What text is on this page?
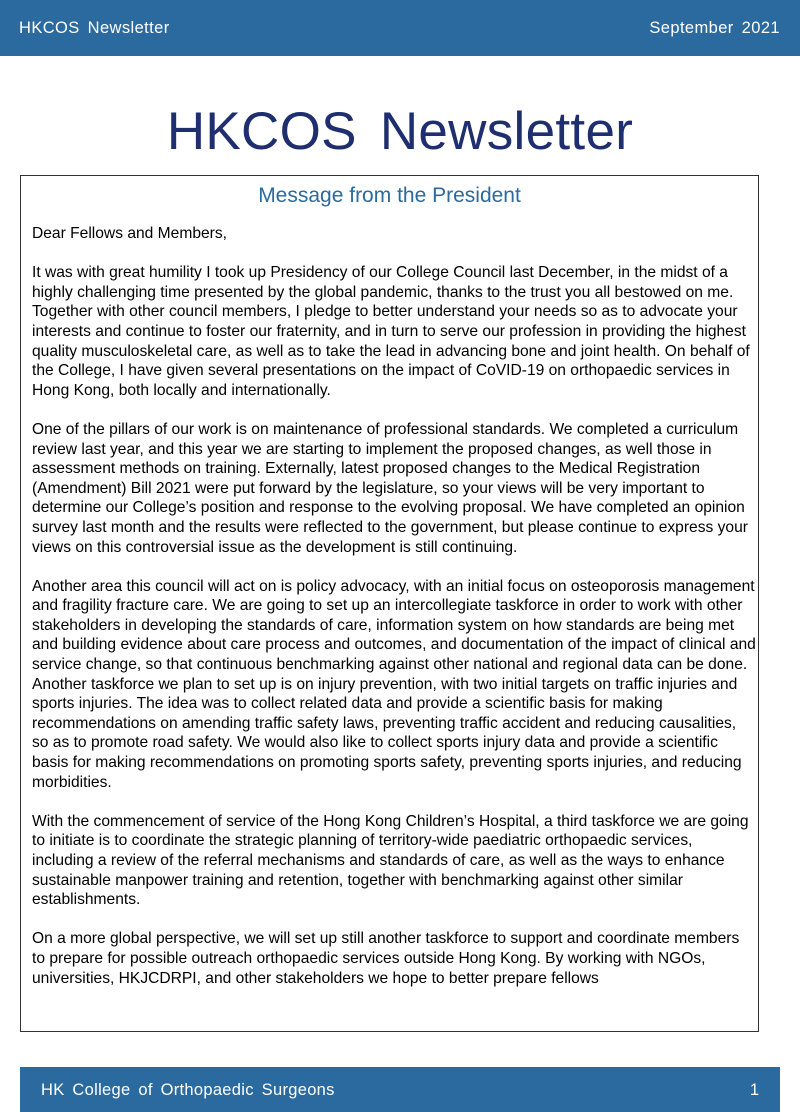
HKCOS Newsletter	September 2021
HKCOS Newsletter
Message from the President

Dear Fellows and Members,

It was with great humility I took up Presidency of our College Council last December, in the midst of a highly challenging time presented by the global pandemic, thanks to the trust you all bestowed on me. Together with other council members, I pledge to better understand your needs so as to advocate your interests and continue to foster our fraternity, and in turn to serve our profession in providing the highest quality musculoskeletal care, as well as to take the lead in advancing bone and joint health. On behalf of the College, I have given several presentations on the impact of CoVID-19 on orthopaedic services in Hong Kong, both locally and internationally.

One of the pillars of our work is on maintenance of professional standards. We completed a curriculum review last year, and this year we are starting to implement the proposed changes, as well those in assessment methods on training. Externally, latest proposed changes to the Medical Registration (Amendment) Bill 2021 were put forward by the legislature, so your views will be very important to determine our College’s position and response to the evolving proposal. We have completed an opinion survey last month and the results were reflected to the government, but please continue to express your views on this controversial issue as the development is still continuing.

Another area this council will act on is policy advocacy, with an initial focus on osteoporosis management and fragility fracture care. We are going to set up an intercollegiate taskforce in order to work with other stakeholders in developing the standards of care, information system on how standards are being met and building evidence about care process and outcomes, and documentation of the impact of clinical and service change, so that continuous benchmarking against other national and regional data can be done. Another taskforce we plan to set up is on injury prevention, with two initial targets on traffic injuries and sports injuries. The idea was to collect related data and provide a scientific basis for making recommendations on amending traffic safety laws, preventing traffic accident and reducing causalities, so as to promote road safety. We would also like to collect sports injury data and provide a scientific basis for making recommendations on promoting sports safety, preventing sports injuries, and reducing morbidities.

With the commencement of service of the Hong Kong Children’s Hospital, a third taskforce we are going to initiate is to coordinate the strategic planning of territory-wide paediatric orthopaedic services, including a review of the referral mechanisms and standards of care, as well as the ways to enhance sustainable manpower training and retention, together with benchmarking against other similar establishments.

On a more global perspective, we will set up still another taskforce to support and coordinate members to prepare for possible outreach orthopaedic services outside Hong Kong. By working with NGOs, universities, HKJCDRPI, and other stakeholders we hope to better prepare fellows

HK College of Orthopaedic Surgeons	1
